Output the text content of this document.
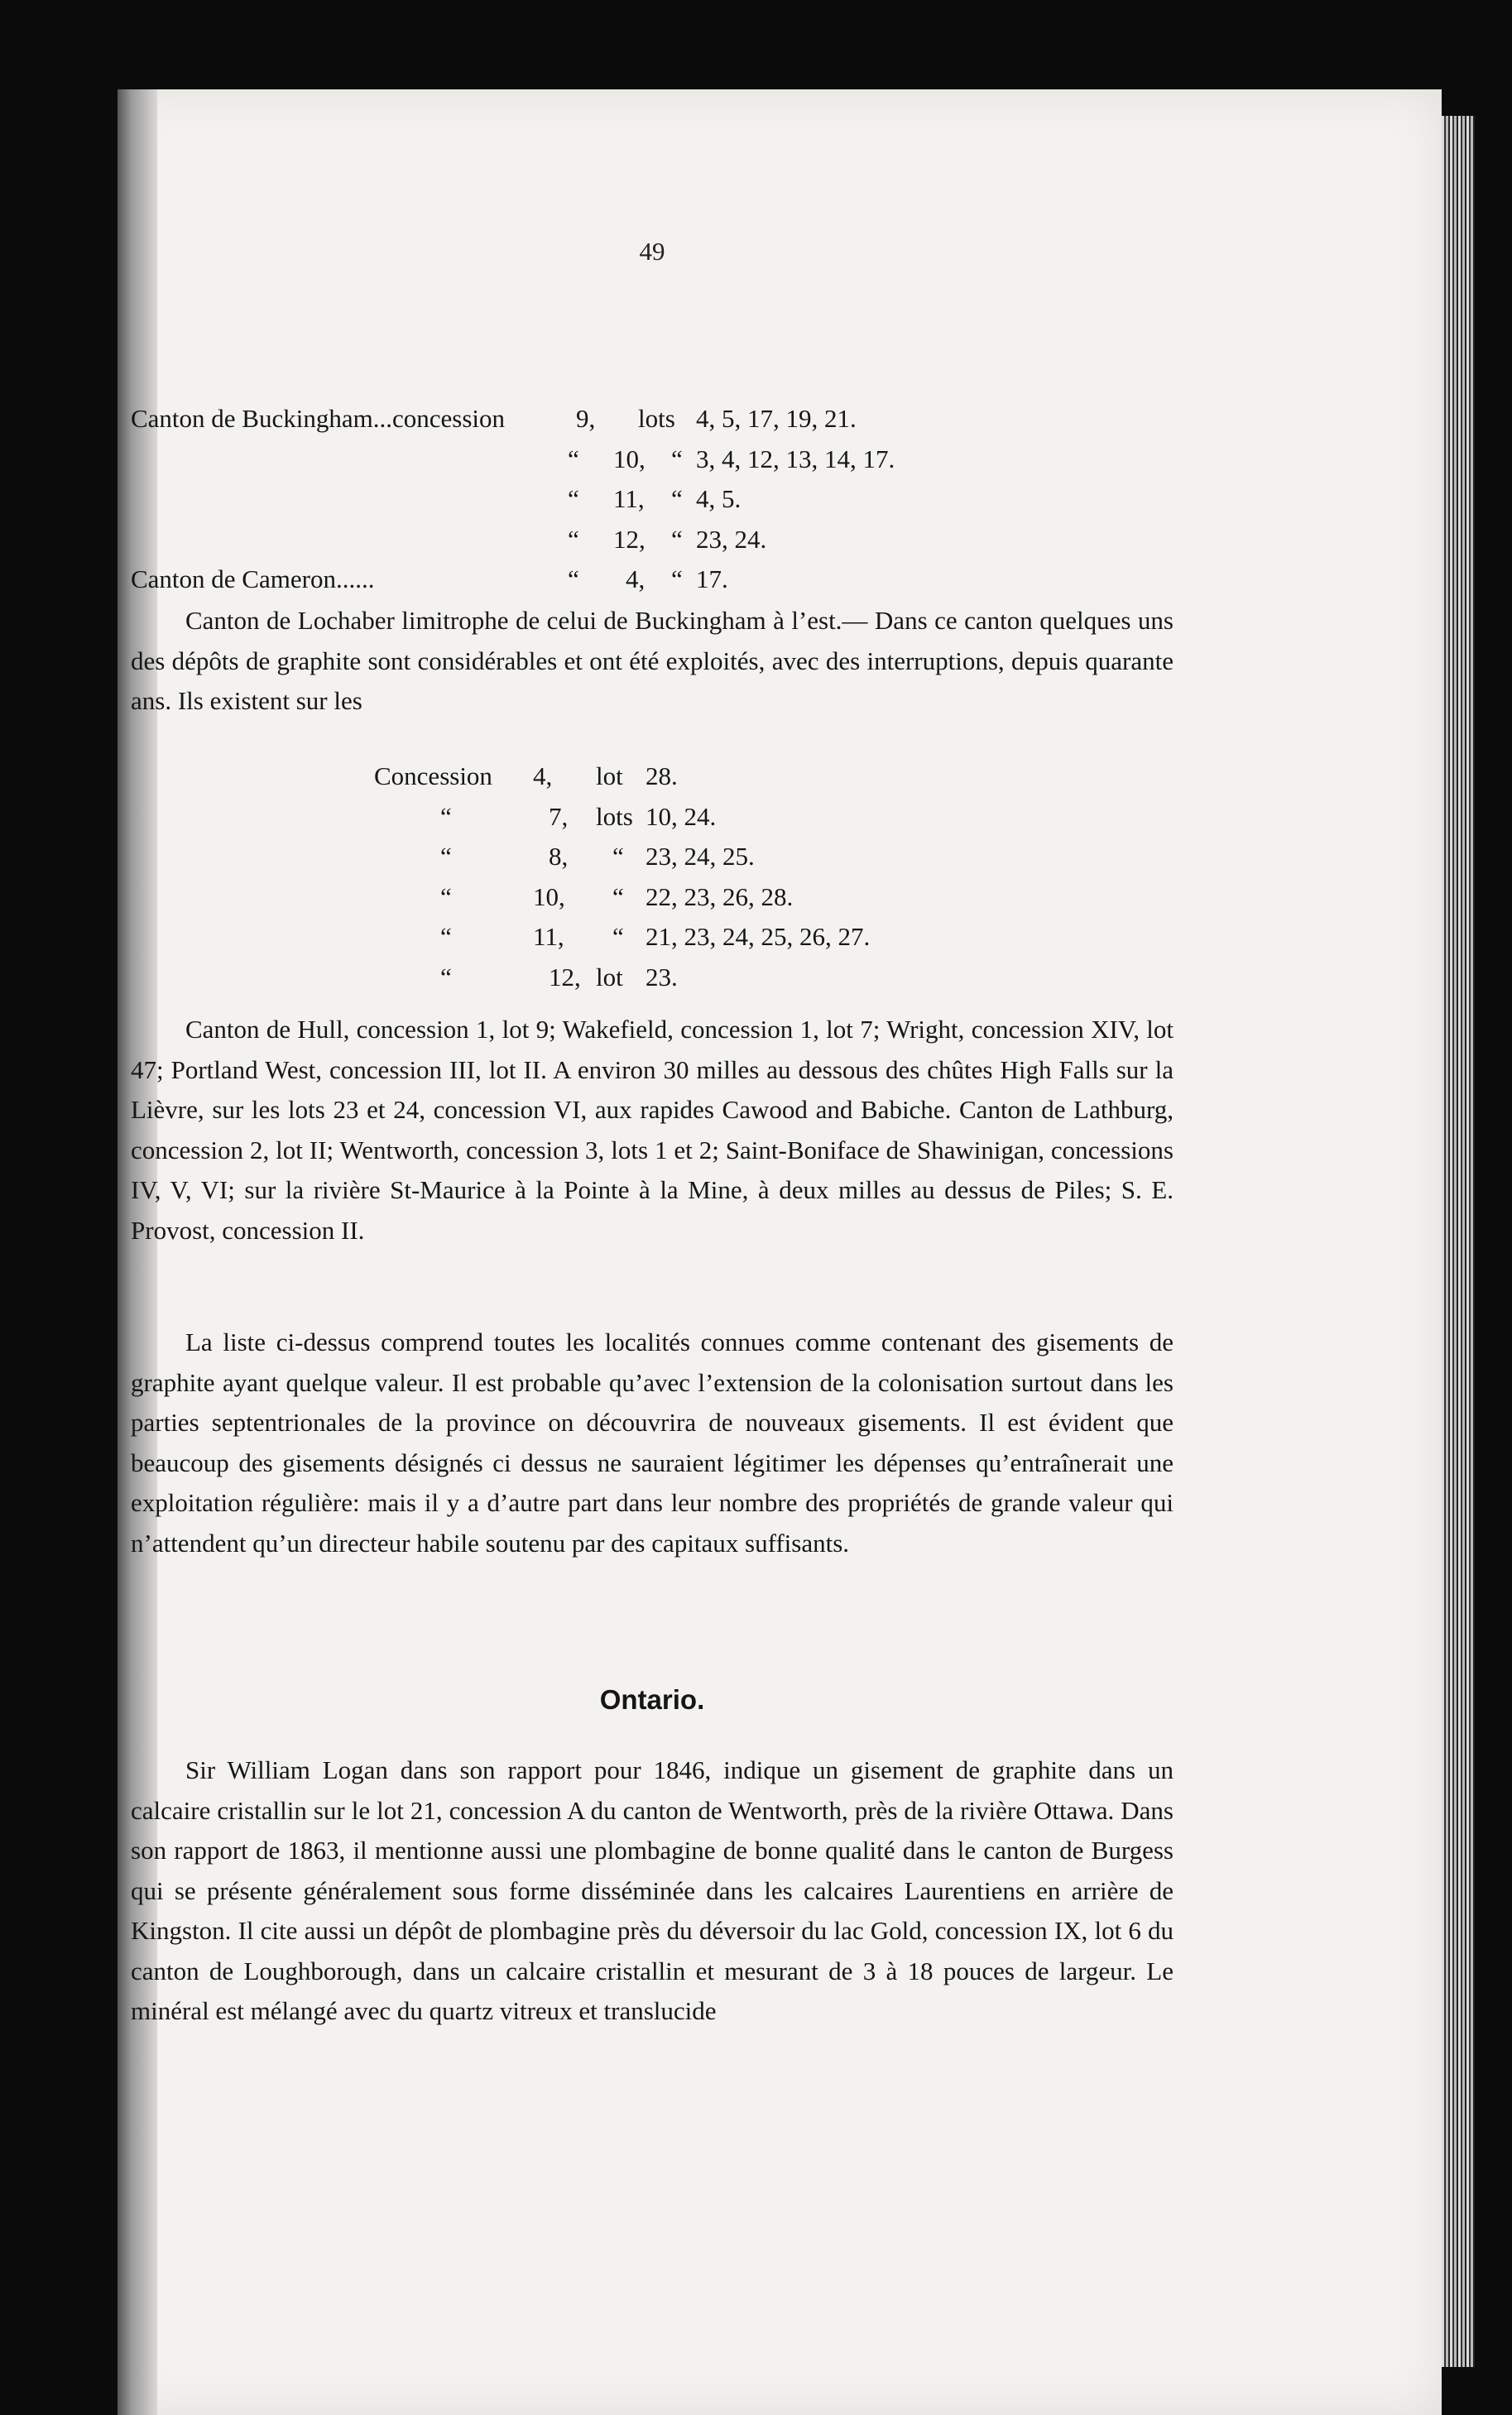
49
Canton de Buckingham...concession	9, lots 4, 5, 17, 19, 21.
“ 10, “ 3, 4, 12, 13, 14, 17.
“ 11, “ 4, 5.
“ 12, “ 23, 24.
Canton de Cameron......	“ 4, “ 17.
Canton de Lochaber limitrophe de celui de Buckingham à l’est.— Dans ce canton quelques uns des dépôts de graphite sont considérables et ont été exploités, avec des interruptions, depuis quarante ans. Ils existent sur les
Concession 4, lot 28.
“	7, lots 10, 24.
“	8, “ 23, 24, 25.
“	10, “ 22, 23, 26, 28.
“	11, “ 21, 23, 24, 25, 26, 27.
“	12, lot 23.
Canton de Hull, concession 1, lot 9; Wakefield, concession 1, lot 7; Wright, concession XIV, lot 47; Portland West, concession III, lot II. A environ 30 milles au dessous des chûtes High Falls sur la Lièvre, sur les lots 23 et 24, concession VI, aux rapides Cawood and Babiche. Canton de Lathburg, concession 2, lot II; Wentworth, concession 3, lots 1 et 2; Saint-Boniface de Shawinigan, concessions IV, V, VI; sur la rivière St-Maurice à la Pointe à la Mine, à deux milles au dessus de Piles; S. E. Provost, concession II.
La liste ci-dessus comprend toutes les localités connues comme contenant des gisements de graphite ayant quelque valeur. Il est probable qu’avec l’extension de la colonisation surtout dans les parties septentrionales de la province on découvrira de nouveaux gisements. Il est évident que beaucoup des gisements désignés ci dessus ne sauraient légitimer les dépenses qu’entraînerait une exploitation régulière: mais il y a d’autre part dans leur nombre des propriétés de grande valeur qui n’attendent qu’un directeur habile soutenu par des capitaux suffisants.
Ontario.
Sir William Logan dans son rapport pour 1846, indique un gisement de graphite dans un calcaire cristallin sur le lot 21, concession A du canton de Wentworth, près de la rivière Ottawa. Dans son rapport de 1863, il mentionne aussi une plombagine de bonne qualité dans le canton de Burgess qui se présente généralement sous forme disséminée dans les calcaires Laurentiens en arrière de Kingston. Il cite aussi un dépôt de plombagine près du déversoir du lac Gold, concession IX, lot 6 du canton de Loughborough, dans un calcaire cristallin et mesurant de 3 à 18 pouces de largeur. Le minéral est mélangé avec du quartz vitreux et translucide
